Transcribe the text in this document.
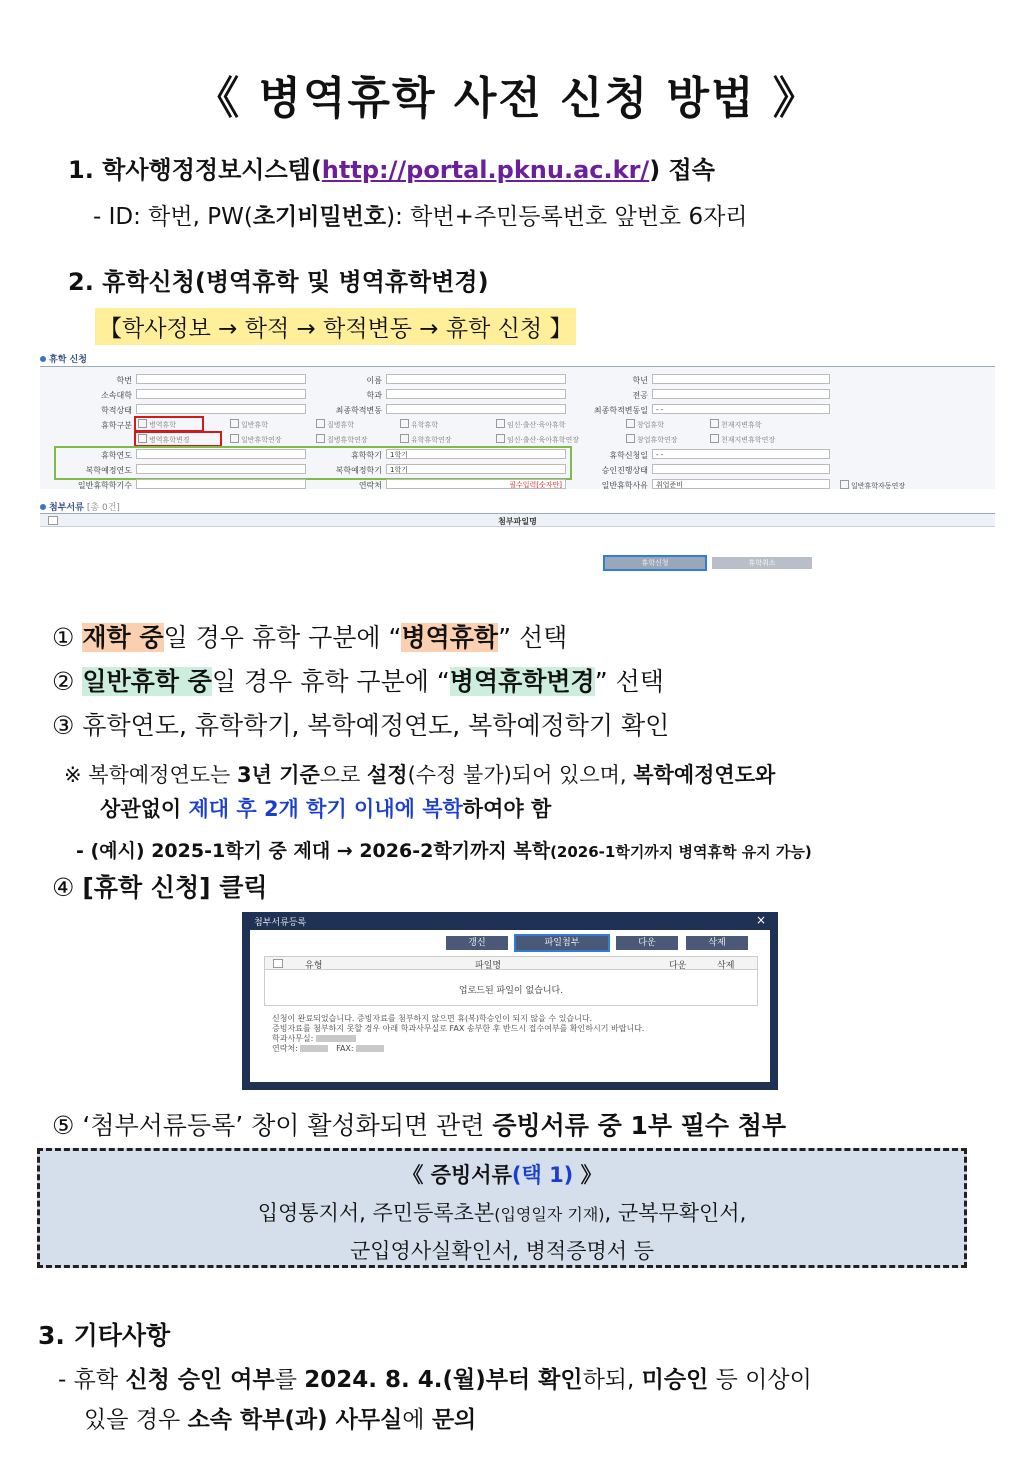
《 병역휴학 사전 신청 방법 》
1. 학사행정정보시스템(http://portal.pknu.ac.kr/) 접속
- ID: 학번, PW(초기비밀번호): 학번+주민등록번호 앞번호 6자리
2. 휴학신청(병역휴학 및 병역휴학변경)
【학사정보 → 학적 → 학적변동 → 휴학 신청 】
휴학 신청
학번	이름	학년
소속대학	학과	전공
학적상태	최종학적변동	최종학적변동일	- -
휴학구분	병역휴학	일반휴학	질병휴학	유학휴학	임신·출산·육아휴학	창업휴학	천재지변휴학
병역휴학변경	일반휴학연장	질병휴학연장	유학휴학연장	임신·출산·육아휴학연장	창업휴학연장	천재지변휴학연장
휴학연도	휴학학기	1학기	휴학신청일	- -
복학예정연도	복학예정학기	1학기	승인진행상태
일반휴학학기수	연락처	필수입력[숫자만]	일반휴학사유	취업준비	일반휴학자동연장
첨부서류 [총 0건]
첨부파일명
휴학신청	휴학취소
① 재학 중일 경우 휴학 구분에 “병역휴학” 선택
② 일반휴학 중일 경우 휴학 구분에 “병역휴학변경” 선택
③ 휴학연도, 휴학학기, 복학예정연도, 복학예정학기 확인
※ 복학예정연도는 3년 기준으로 설정(수정 불가)되어 있으며, 복학예정연도와
상관없이 제대 후 2개 학기 이내에 복학하여야 함
- (예시) 2025-1학기 중 제대 → 2026-2학기까지 복학(2026-1학기까지 병역휴학 유지 가능)
④ [휴학 신청] 클릭
첨부서류등록	×
갱신	파일첨부	다운	삭제
유형	파일명	다운	삭제
업로드된 파일이 없습니다.
신청이 완료되었습니다. 증빙자료를 첨부하지 않으면 휴(복)학승인이 되지 않을 수 있습니다.
증빙자료를 첨부하지 못할 경우 아래 학과사무실로 FAX 송부한 후 반드시 접수여부를 확인하시기 바랍니다.
학과사무실:
연락처:	FAX:
⑤ ‘첨부서류등록’ 창이 활성화되면 관련 증빙서류 중 1부 필수 첨부
《 증빙서류(택 1) 》
입영통지서, 주민등록초본(입영일자 기재), 군복무확인서,
군입영사실확인서, 병적증명서 등
3. 기타사항
- 휴학 신청 승인 여부를 2024. 8. 4.(월)부터 확인하되, 미승인 등 이상이
있을 경우 소속 학부(과) 사무실에 문의
